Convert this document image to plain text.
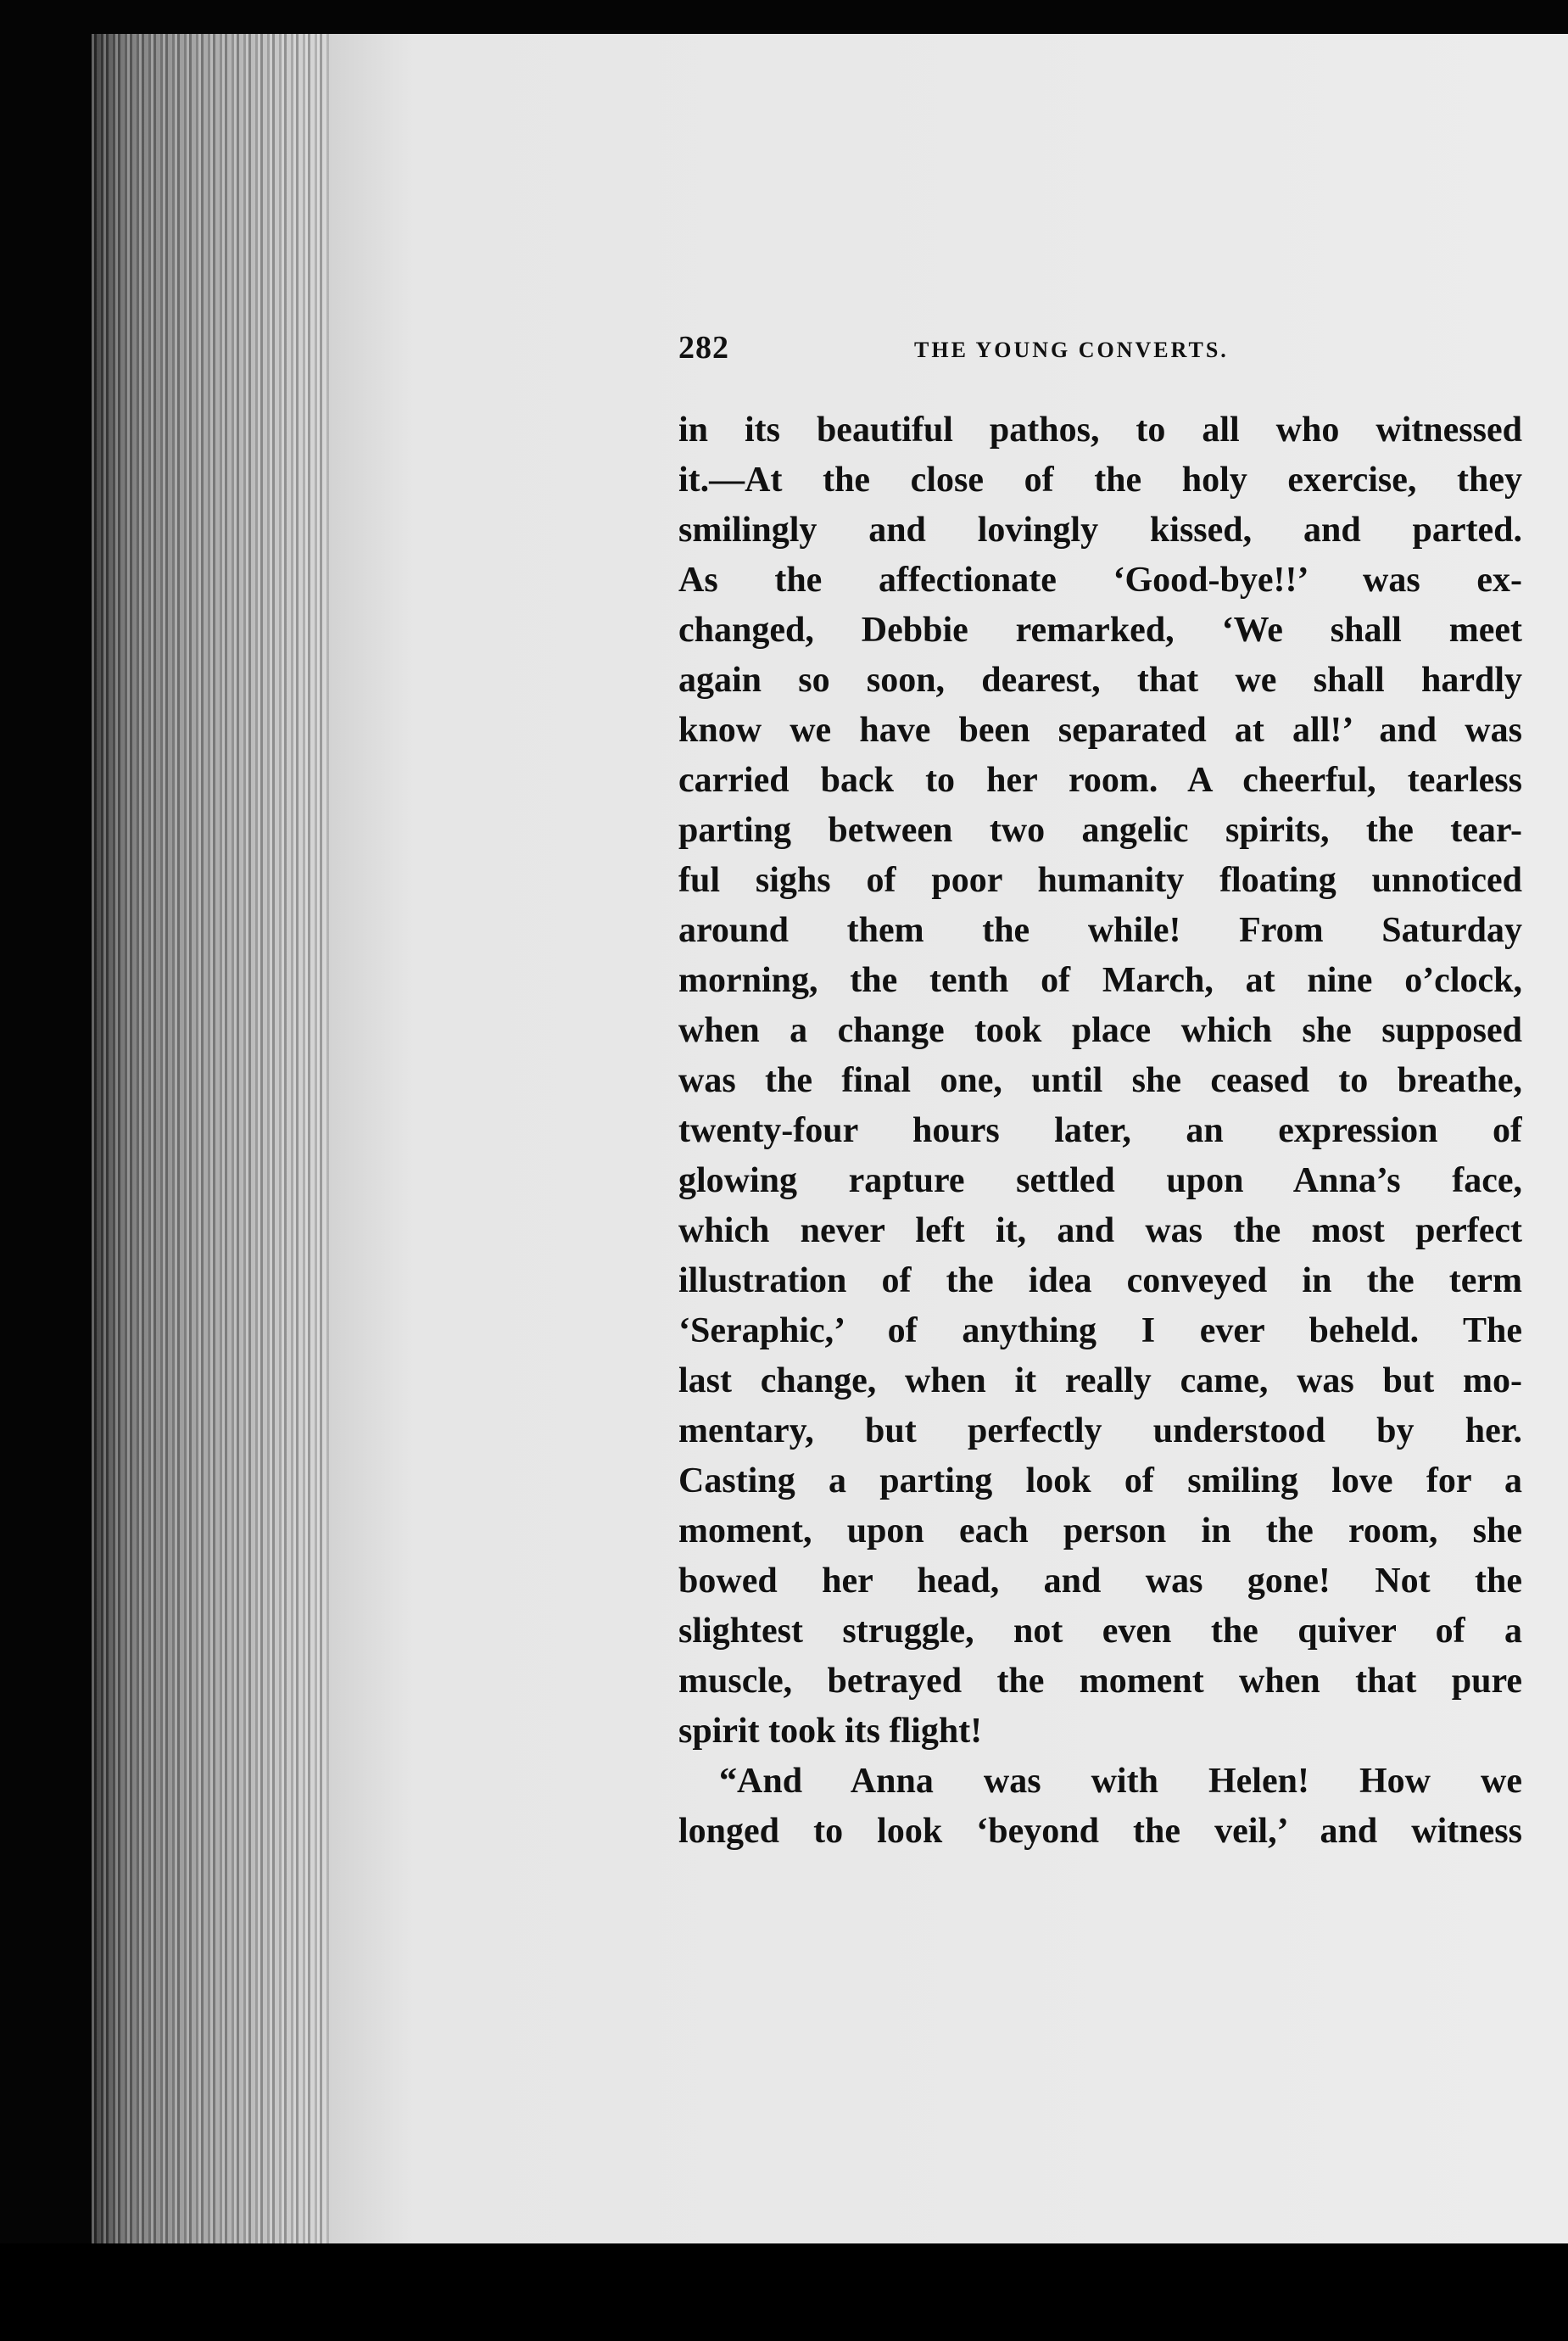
282	THE YOUNG CONVERTS.
in its beautiful pathos, to all who witnessed
it.—At the close of the holy exercise, they
smilingly and lovingly kissed, and parted.
As the affectionate ‘Good-bye!!’ was ex-
changed, Debbie remarked, ‘We shall meet
again so soon, dearest, that we shall hardly
know we have been separated at all!’ and was
carried back to her room. A cheerful, tearless
parting between two angelic spirits, the tear-
ful sighs of poor humanity floating unnoticed
around them the while! From Saturday
morning, the tenth of March, at nine o’clock,
when a change took place which she supposed
was the final one, until she ceased to breathe,
twenty-four hours later, an expression of
glowing rapture settled upon Anna’s face,
which never left it, and was the most perfect
illustration of the idea conveyed in the term
‘Seraphic,’ of anything I ever beheld. The
last change, when it really came, was but mo-
mentary, but perfectly understood by her.
Casting a parting look of smiling love for a
moment, upon each person in the room, she
bowed her head, and was gone! Not the
slightest struggle, not even the quiver of a
muscle, betrayed the moment when that pure
spirit took its flight!
“And Anna was with Helen! How we
longed to look ‘beyond the veil,’ and witness
